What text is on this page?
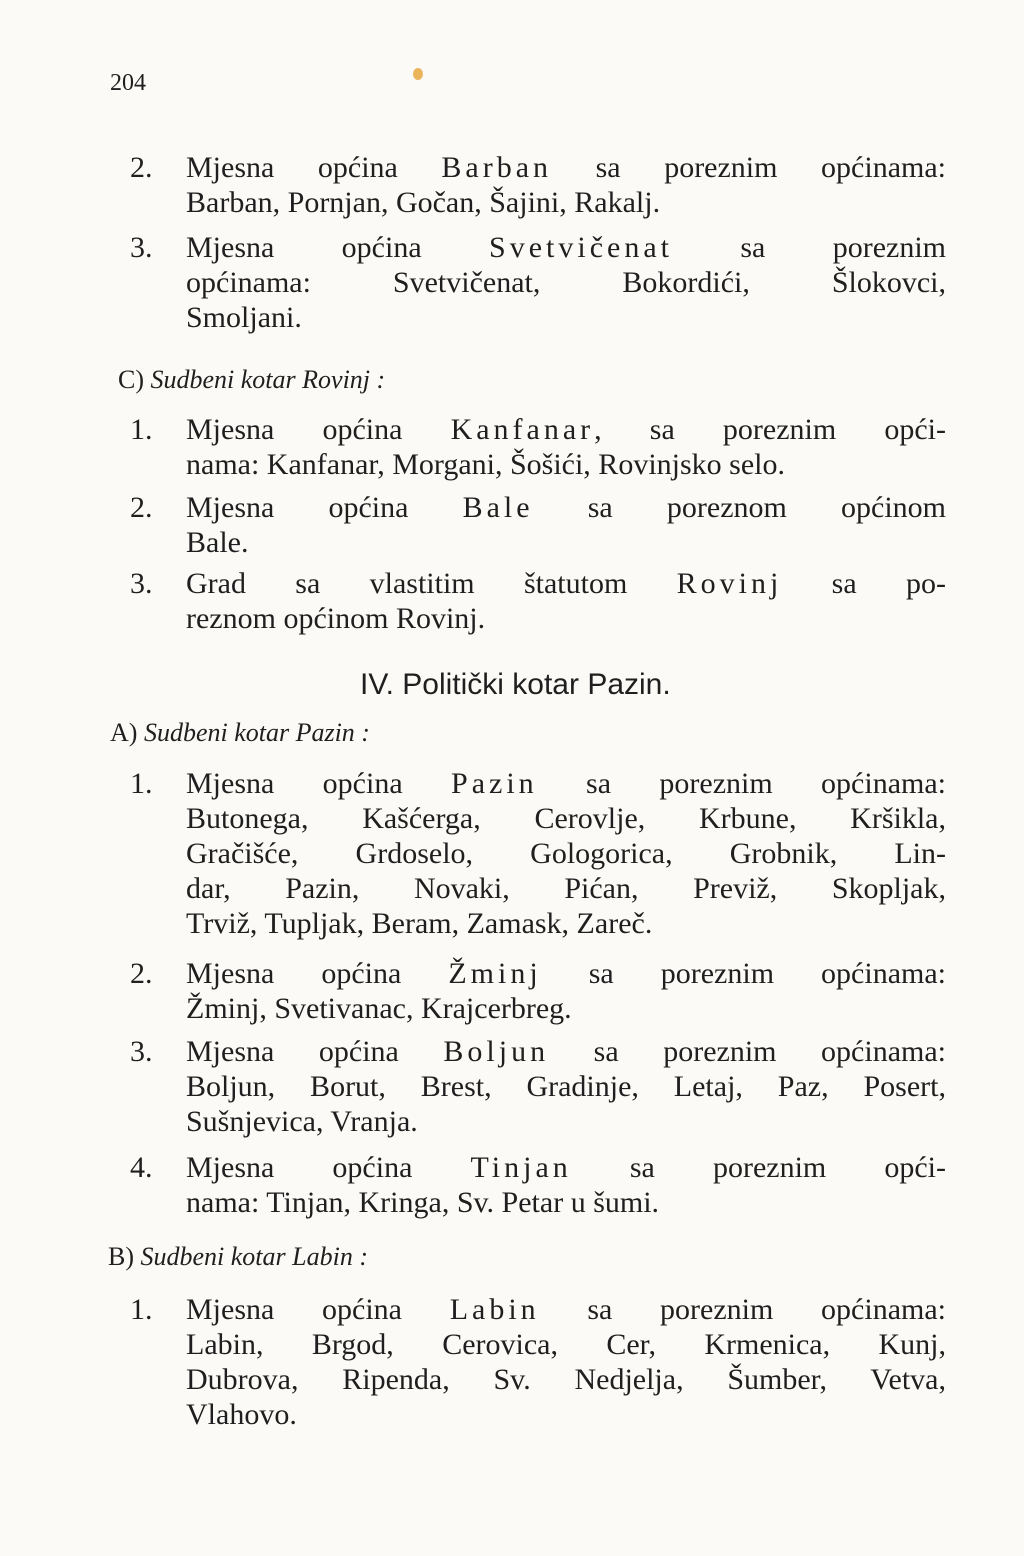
204
2.	Mjesna općina Barban sa poreznim općinama:
Barban, Pornjan, Gočan, Šajini, Rakalj.
3.	Mjesna općina Svetvičenat sa poreznim
općinama: Svetvičenat, Bokordići, Šlokovci,
Smoljani.
C) Sudbeni kotar Rovinj :
1.	Mjesna općina Kanfanar, sa poreznim opći-
nama: Kanfanar, Morgani, Šošići, Rovinjsko selo.
2.	Mjesna općina Bale sa poreznom općinom
Bale.
3.	Grad sa vlastitim štatutom Rovinj sa po-
reznom općinom Rovinj.
IV. Politički kotar Pazin.
A) Sudbeni kotar Pazin :
1.	Mjesna općina Pazin sa poreznim općinama:
Butonega, Kašćerga, Cerovlje, Krbune, Kršikla,
Gračišće, Grdoselo, Gologorica, Grobnik, Lin-
dar, Pazin, Novaki, Pićan, Previž, Skopljak,
Trviž, Tupljak, Beram, Zamask, Zareč.
2.	Mjesna općina Žminj sa poreznim općinama:
Žminj, Svetivanac, Krajcerbreg.
3.	Mjesna općina Boljun sa poreznim općinama:
Boljun, Borut, Brest, Gradinje, Letaj, Paz, Posert,
Sušnjevica, Vranja.
4.	Mjesna općina Tinjan sa poreznim opći-
nama: Tinjan, Kringa, Sv. Petar u šumi.
B) Sudbeni kotar Labin :
1.	Mjesna općina Labin sa poreznim općinama:
Labin, Brgod, Cerovica, Cer, Krmenica, Kunj,
Dubrova, Ripenda, Sv. Nedjelja, Šumber, Vetva,
Vlahovo.
